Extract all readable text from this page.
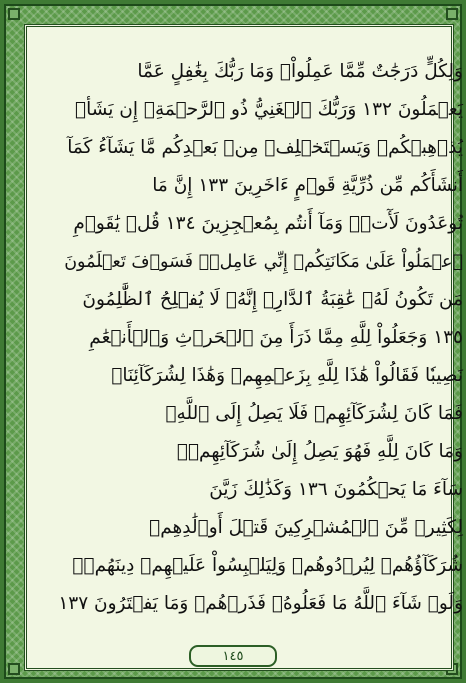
وَلِكُلٍّ دَرَجَٰتٌ مِّمَّا عَمِلُواْۚ وَمَا رَبُّكَ بِغَٰفِلٍ عَمَّا
يَعۡمَلُونَ ١٣٢ وَرَبُّكَ ٱلۡغَنِيُّ ذُو ٱلرَّحۡمَةِۚ إِن يَشَأۡ
يُذۡهِبۡكُمۡ وَيَسۡتَخۡلِفۡ مِنۢ بَعۡدِكُم مَّا يَشَآءُ كَمَآ
أَنشَأَكُم مِّن ذُرِّيَّةِ قَوۡمٍ ءَاخَرِينَ ١٣٣ إِنَّ مَا
تُوعَدُونَ لَأٓتٖۖ وَمَآ أَنتُم بِمُعۡجِزِينَ ١٣٤ قُلۡ يَٰقَوۡمِ
ٱعۡمَلُواْ عَلَىٰ مَكَانَتِكُمۡ إِنِّي عَامِلٞۖ فَسَوۡفَ تَعۡلَمُونَ
مَن تَكُونُ لَهُۥ عَٰقِبَةُ ٱلدَّارِۚ إِنَّهُۥ لَا يُفۡلِحُ ٱلظَّٰلِمُونَ
١٣٥ وَجَعَلُواْ لِلَّهِ مِمَّا ذَرَأَ مِنَ ٱلۡحَرۡثِ وَٱلۡأَنۡعَٰمِ
نَصِيبٗا فَقَالُواْ هَٰذَا لِلَّهِ بِزَعۡمِهِمۡ وَهَٰذَا لِشُرَكَآئِنَاۖ
فَمَا كَانَ لِشُرَكَآئِهِمۡ فَلَا يَصِلُ إِلَى ٱللَّهِۖ
وَمَا كَانَ لِلَّهِ فَهُوَ يَصِلُ إِلَىٰ شُرَكَآئِهِمۡۗ
سَآءَ مَا يَحۡكُمُونَ ١٣٦ وَكَذَٰلِكَ زَيَّنَ
لِكَثِيرٖ مِّنَ ٱلۡمُشۡرِكِينَ قَتۡلَ أَوۡلَٰدِهِمۡ
شُرَكَآؤُهُمۡ لِيُرۡدُوهُمۡ وَلِيَلۡبِسُواْ عَلَيۡهِمۡ دِينَهُمۡۖ
وَلَوۡ شَآءَ ٱللَّهُ مَا فَعَلُوهُۖ فَذَرۡهُمۡ وَمَا يَفۡتَرُونَ ١٣٧
١٤٥
